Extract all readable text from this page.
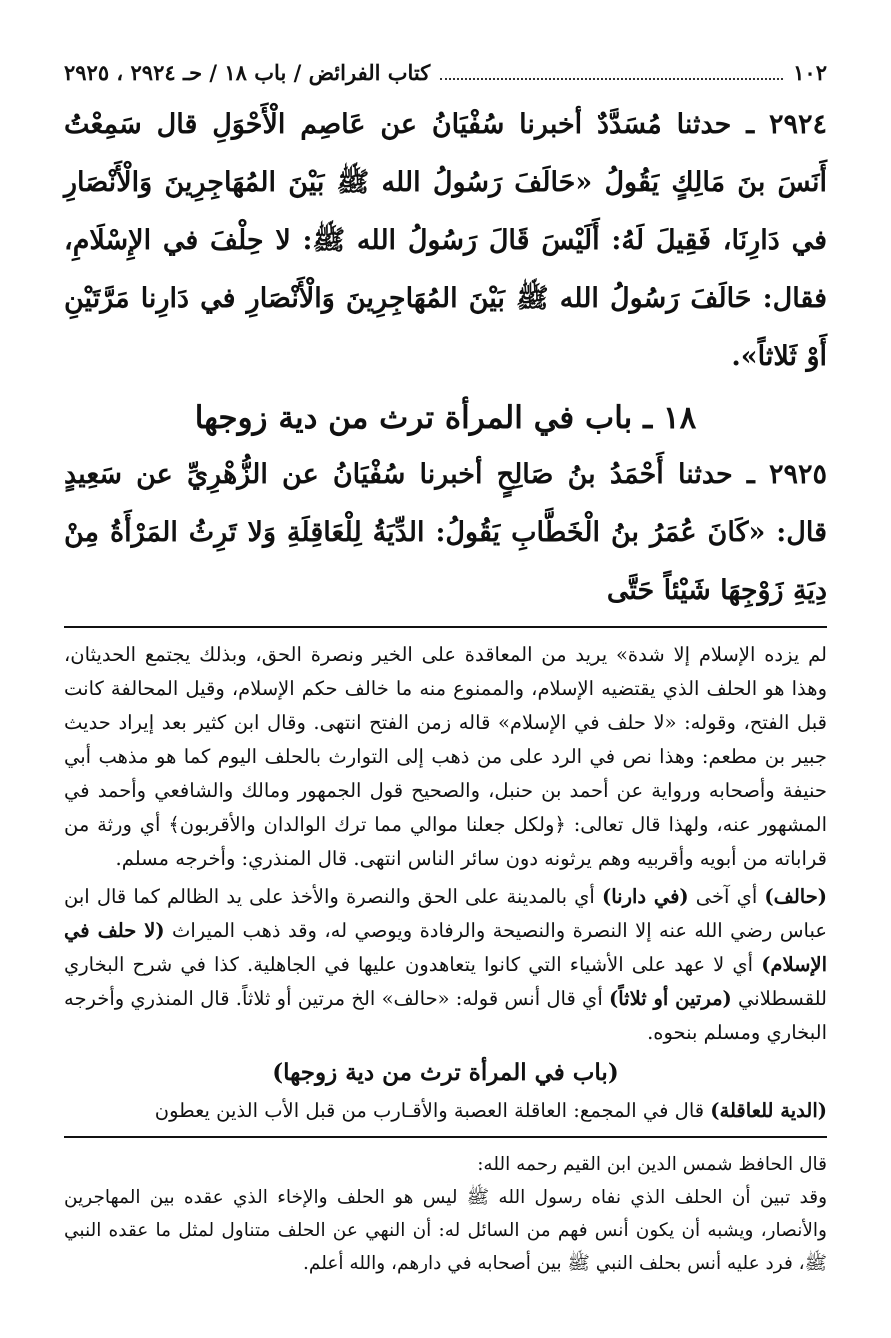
١٠٢
كتاب الفرائض / باب ١٨ / حـ ٢٩٢٤ ، ٢٩٢٥

٢٩٢٤ ـ حدثنا مُسَدَّدٌ أخبرنا سُفْيَانُ عن عَاصِم الْأَحْوَلِ قال سَمِعْتُ أَنَسَ بنَ مَالِكٍ يَقُولُ «حَالَفَ رَسُولُ الله ﷺ بَيْنَ المُهَاجِرِينَ وَالْأَنْصَارِ في دَارِنَا، فَقِيلَ لَهُ: أَلَيْسَ قَالَ رَسُولُ الله ﷺ: لا حِلْفَ في الإِسْلَامِ، فقال: حَالَفَ رَسُولُ الله ﷺ بَيْنَ المُهَاجِرِينَ وَالْأَنْصَارِ في دَارِنا مَرَّتَيْنِ أَوْ ثَلاثاً».

١٨ ـ باب في المرأة ترث من دية زوجها

٢٩٢٥ ـ حدثنا أَحْمَدُ بنُ صَالِحٍ أخبرنا سُفْيَانُ عن الزُّهْرِيِّ عن سَعِيدٍ قال: «كَانَ عُمَرُ بنُ الْخَطَّابِ يَقُولُ: الدِّيَةُ لِلْعَاقِلَةِ وَلا تَرِثُ المَرْأَةُ مِنْ دِيَةِ زَوْجِهَا شَيْئاً حَتَّى

لم يزده الإسلام إلا شدة» يريد من المعاقدة على الخير ونصرة الحق، وبذلك يجتمع الحديثان، وهذا هو الحلف الذي يقتضيه الإسلام، والممنوع منه ما خالف حكم الإسلام، وقيل المحالفة كانت قبل الفتح، وقوله: «لا حلف في الإسلام» قاله زمن الفتح انتهى. وقال ابن كثير بعد إيراد حديث جبير بن مطعم: وهذا نص في الرد على من ذهب إلى التوارث بالحلف اليوم كما هو مذهب أبي حنيفة وأصحابه ورواية عن أحمد بن حنبل، والصحيح قول الجمهور ومالك والشافعي وأحمد في المشهور عنه، ولهذا قال تعالى: ﴿ولكل جعلنا موالي مما ترك الوالدان والأقربون﴾ أي ورثة من قراباته من أبويه وأقربيه وهم يرثونه دون سائر الناس انتهى. قال المنذري: وأخرجه مسلم.

(حالف) أي آخى (في دارنا) أي بالمدينة على الحق والنصرة والأخذ على يد الظالم كما قال ابن عباس رضي الله عنه إلا النصرة والنصيحة والرفادة ويوصي له، وقد ذهب الميراث (لا حلف في الإسلام) أي لا عهد على الأشياء التي كانوا يتعاهدون عليها في الجاهلية. كذا في شرح البخاري للقسطلاني (مرتين أو ثلاثاً) أي قال أنس قوله: «حالف» الخ مرتين أو ثلاثاً. قال المنذري وأخرجه البخاري ومسلم بنحوه.

(باب في المرأة ترث من دية زوجها)

(الدية للعاقلة) قال في المجمع: العاقلة العصبة والأقـارب من قبل الأب الذين يعطون

قال الحافظ شمس الدين ابن القيم رحمه الله:

وقد تبين أن الحلف الذي نفاه رسول الله ﷺ ليس هو الحلف والإخاء الذي عقده بين المهاجرين والأنصار، ويشبه أن يكون أنس فهم من السائل له: أن النهي عن الحلف متناول لمثل ما عقده النبي ﷺ، فرد عليه أنس بحلف النبي ﷺ بين أصحابه في دارهم، والله أعلم.
